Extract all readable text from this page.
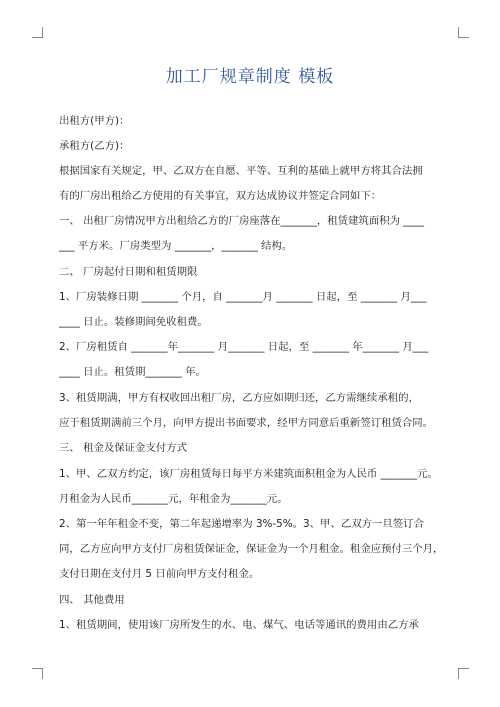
加工厂规章制度 模板
出租方(甲方)：
承租方(乙方)：
根据国家有关规定，甲、乙双方在自愿、平等、互利的基础上就甲方将其合法拥
有的厂房出租给乙方使用的有关事宜，双方达成协议并签定合同如下：
一、 出租厂房情况甲方出租给乙方的厂房座落在_______，租赁建筑面积为 ____
___ 平方米。厂房类型为 _______，_______ 结构。
二、 厂房起付日期和租赁期限
1、厂房装修日期 _______ 个月，自 _______月 _______ 日起，至 _______ 月___
____ 日止。装修期间免收租费。
2、厂房租赁自 _______年_______ 月_______ 日起，至 _______ 年_______ 月___
____ 日止。租赁期_______ 年。
3、租赁期满，甲方有权收回出租厂房，乙方应如期归还，乙方需继续承租的，
应于租赁期满前三个月，向甲方提出书面要求，经甲方同意后重新签订租赁合同。
三、 租金及保证金支付方式
1、甲、乙双方约定，该厂房租赁每日每平方米建筑面积租金为人民币 _______元。
月租金为人民币_______元，年租金为_______元。
2、第一年年租金不变，第二年起递增率为 3%-5%。3、甲、乙双方一旦签订合
同，乙方应向甲方支付厂房租赁保证金，保证金为一个月租金。租金应预付三个月，
支付日期在支付月 5 日前向甲方支付租金。
四、 其他费用
1、租赁期间，使用该厂房所发生的水、电、煤气、电话等通讯的费用由乙方承
